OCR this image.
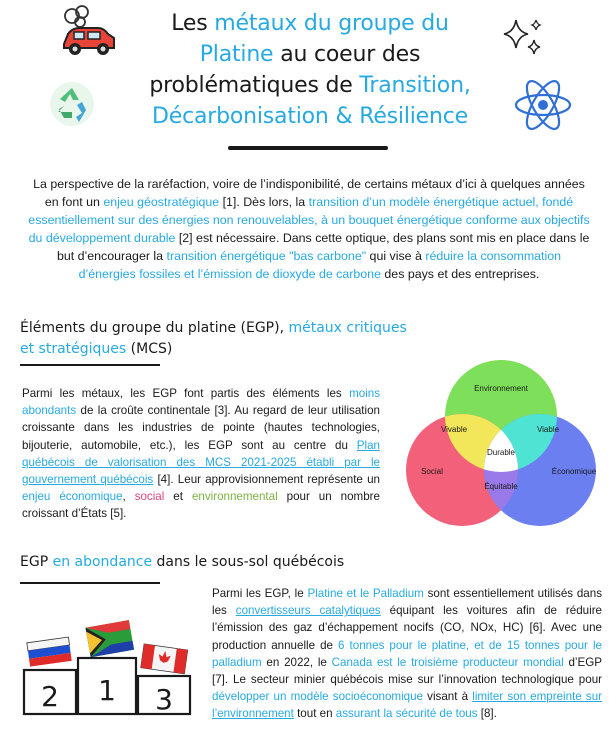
Les métaux du groupe du
Platine au coeur des
problématiques de Transition,
Décarbonisation & Résilience

La perspective de la raréfaction, voire de l’indisponibilité, de certains métaux d’ici à quelques années en font un enjeu géostratégique [1]. Dès lors, la transition d’un modèle énergétique actuel, fondé essentiellement sur des énergies non renouvelables, à un bouquet énergétique conforme aux objectifs du développement durable [2] est nécessaire. Dans cette optique, des plans sont mis en place dans le but d’encourager la transition énergétique "bas carbone" qui vise à réduire la consommation d’énergies fossiles et l’émission de dioxyde de carbone des pays et des entreprises.

Éléments du groupe du platine (EGP), métaux critiques
et stratégiques (MCS)

Parmi les métaux, les EGP font partis des éléments les moins abondants de la croûte continentale [3]. Au regard de leur utilisation croissante dans les industries de pointe (hautes technologies, bijouterie, automobile, etc.), les EGP sont au centre du Plan québécois de valorisation des MCS 2021-2025 établi par le gouvernement québécois [4]. Leur approvisionnement représente un enjeu économique, social et environnemental pour un nombre croissant d’États [5].

Environnement
Social	Économique
Vivable	Viable
Équitable
Durable
EGP en abondance dans le sous-sol québécois
2 1 3

Parmi les EGP, le Platine et le Palladium sont essentiellement utilisés dans les convertisseurs catalytiques équipant les voitures afin de réduire l’émission des gaz d’échappement nocifs (CO, NOx, HC) [6]. Avec une production annuelle de 6 tonnes pour le platine, et de 15 tonnes pour le palladium en 2022, le Canada est le troisième producteur mondial d’EGP [7]. Le secteur minier québécois mise sur l’innovation technologique pour développer un modèle socioéconomique visant à limiter son empreinte sur l’environnement tout en assurant la sécurité de tous [8].
